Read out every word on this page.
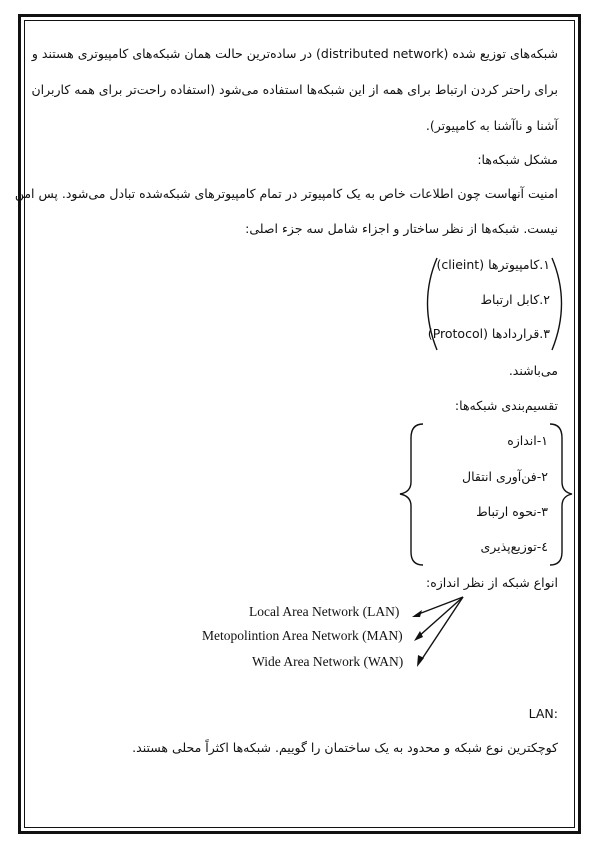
شبکه‌های توزیع شده (distributed network) در ساده‌ترین حالت همان شبکه‌های کامپیوتری هستند و
برای راحتر کردن ارتباط برای همه از این شبکه‌ها استفاده می‌شود (استفاده راحت‌تر برای همه کاربران
آشنا و ناآشنا به کامپیوتر).
مشکل شبکه‌ها:
امنیت آنهاست چون اطلاعات خاص به یک کامپیوتر در تمام کامپیوترهای شبکه‌شده تبادل می‌شود. پس امن
نیست. شبکه‌ها از نظر ساختار و اجزاء شامل سه جزء اصلی:
۱.کامپیوترها (clieint)
۲.کابل ارتباط
۳.قراردادها (Protocol)
می‌باشند.
تقسیم‌بندی شبکه‌ها:
۱-اندازه
۲-فن‌آوری انتقال
۳-نحوه ارتباط
٤-توزیع‌پذیری
انواع شبکه از نظر اندازه:
Local Area Network (LAN)
Metopolintion Area Network (MAN)
Wide Area Network (WAN)
:LAN
کوچکترین نوع شبکه و محدود به یک ساختمان را گوییم. شبکه‌ها اکثراً محلی هستند.
